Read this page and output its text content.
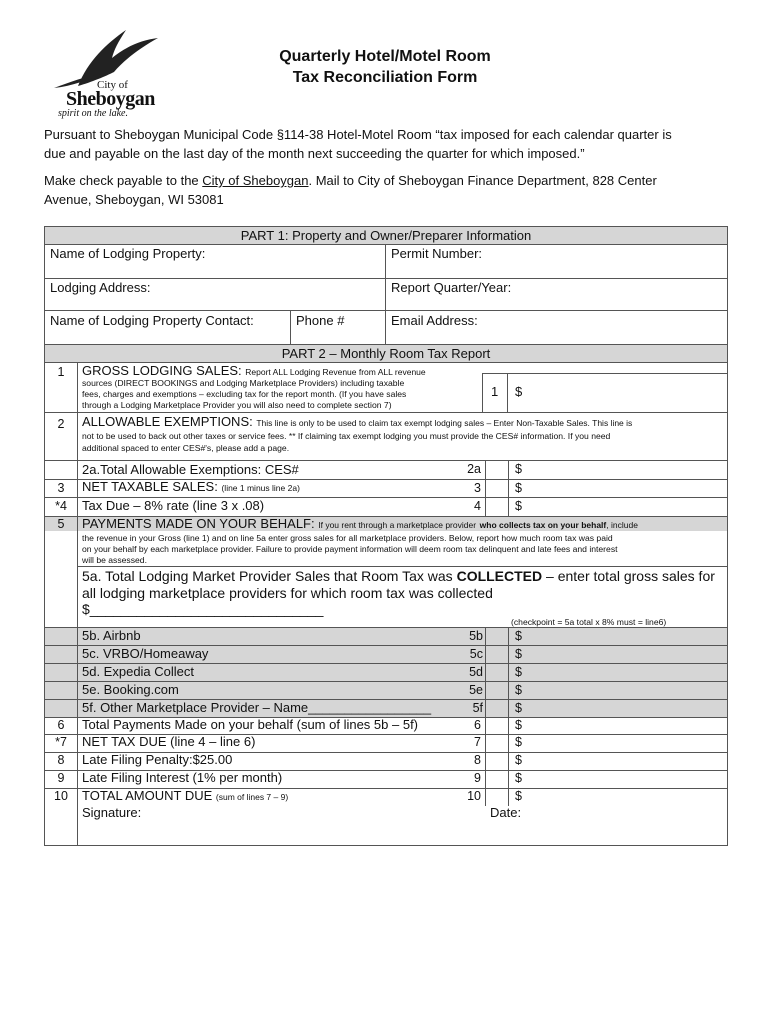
City of
Sheboygan
spirit on the lake.
Quarterly Hotel/Motel Room
Tax Reconciliation Form
Pursuant to Sheboygan Municipal Code §114-38 Hotel-Motel Room “tax imposed for each calendar quarter is
due and payable on the last day of the month next succeeding the quarter for which imposed.”
Make check payable to the City of Sheboygan. Mail to City of Sheboygan Finance Department, 828 Center
Avenue, Sheboygan, WI 53081
PART 1: Property and Owner/Preparer Information
Name of Lodging Property:	Permit Number:
Lodging Address:	Report Quarter/Year:
Name of Lodging Property Contact:	Phone #	Email Address:
PART 2 – Monthly Room Tax Report
1	GROSS LODGING SALES: Report ALL Lodging Revenue from ALL revenue
sources (DIRECT BOOKINGS and Lodging Marketplace Providers) including taxable
fees, charges and exemptions – excluding tax for the report month. (If you have sales
through a Lodging Marketplace Provider you will also need to complete section 7)
1 $
2	ALLOWABLE EXEMPTIONS: This line is only to be used to claim tax exempt lodging sales – Enter Non-Taxable Sales. This line is
not to be used to back out other taxes or service fees. ** If claiming tax exempt lodging you must provide the CES# information. If you need
additional spaced to enter CES#'s, please add a page.
2a.Total Allowable Exemptions: CES#	2a	$
3	NET TAXABLE SALES: (line 1 minus line 2a)	3	$
*4	Tax Due – 8% rate (line 3 x .08)	4	$
5	PAYMENTS MADE ON YOUR BEHALF: If you rent through a marketplace provider who collects tax on your behalf, include
the revenue in your Gross (line 1) and on line 5a enter gross sales for all marketplace providers. Below, report how much room tax was paid
on your behalf by each marketplace provider. Failure to provide payment information will deem room tax delinquent and late fees and interest
will be assessed.
5a. Total Lodging Market Provider Sales that Room Tax was COLLECTED – enter total gross sales for
all lodging marketplace providers for which room tax was collected
$______________________________
(checkpoint = 5a total x 8% must = line6)
5b. Airbnb	5b	$
5c. VRBO/Homeaway	5c	$
5d. Expedia Collect	5d	$
5e. Booking.com	5e	$
5f. Other Marketplace Provider – Name_________________	5f	$
6	Total Payments Made on your behalf (sum of lines 5b – 5f)	6	$
*7	NET TAX DUE (line 4 – line 6)	7	$
8	Late Filing Penalty:$25.00	8	$
9	Late Filing Interest (1% per month)	9	$
10	TOTAL AMOUNT DUE (sum of lines 7 – 9)	10	$
Signature:	Date:
